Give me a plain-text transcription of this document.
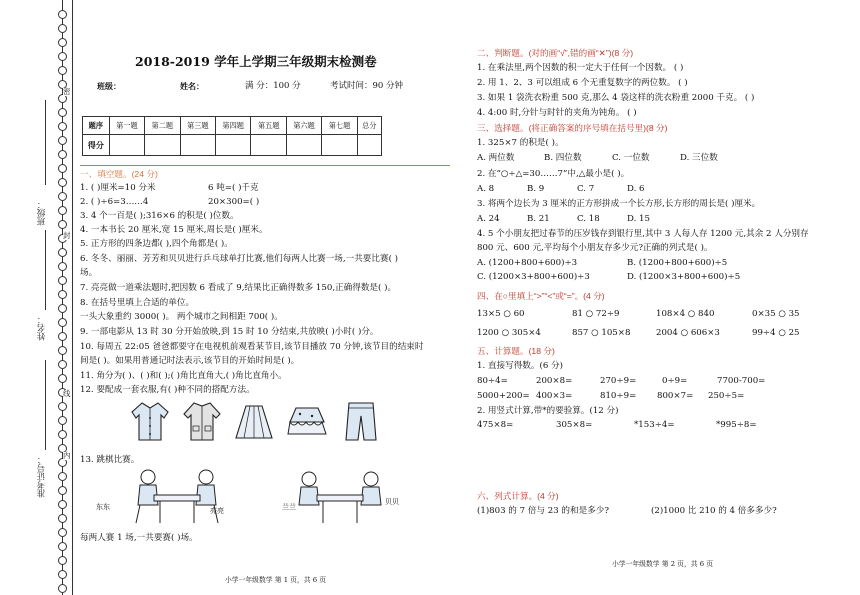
班级：
姓名：
准考证号：
密
封
线
内
2018-2019 学年上学期三年级期末检测卷
班级：	姓名：	满 分：100 分	考试时间：90 分钟
题序	第一题	第二题	第三题	第四题	第五题	第六题	第七题	总分
得分								
一、填空题。(24 分)
1. ( )厘米=10 分米	6 吨=( )千克
2. ( )÷6=3……4	20×300=( )
3. 4 个一百是( );316×6 的积是( )位数。
4. 一本书长 20 厘米,宽 15 厘米,周长是( )厘米。
5. 正方形的四条边都( ),四个角都是( )。
6. 冬冬、丽丽、芳芳和贝贝进行乒乓球单打比赛,他们每两人比赛一场,一共要比赛( )
场。
7. 亮亮做一道乘法题时,把因数 6 看成了 9,结果比正确得数多 150,正确得数是( )。
8. 在括号里填上合适的单位。
一头大象重约 3000( )。 两个城市之间相距 700( )。
9. 一部电影从 13 时 30 分开始放映,到 15 时 10 分结束,共放映( )小时( )分。
10. 每周五 22:05 爸爸都要守在电视机前观看某节目,该节目播放 70 分钟,该节目的结束时
间是( )。如果用普通记时法表示,该节目的开始时间是( )。
11. 角分为( )、( )和( );( )角比直角大,( )角比直角小。
12. 要配成一套衣服,有( )种不同的搭配方法。
13. 跳棋比赛。
东东	亮亮	兰兰
贝贝
每两人赛 1 场,一共要赛( )场。
小学一年级数学 第 1 页，共 6 页
二、判断题。(对的画“√”,错的画“✕”)(8 分)
1. 在乘法里,两个因数的积一定大于任何一个因数。 ( )
2. 用 1、2、3 可以组成 6 个无重复数字的两位数。 ( )
3. 如果 1 袋洗衣粉重 500 克,那么 4 袋这样的洗衣粉重 2000 千克。 ( )
4. 4:00 时,分针与时针的夹角为钝角。 ( )
三、选择题。(将正确答案的序号填在括号里)(8 分)
1. 325×7 的积是( )。
A. 两位数	B. 四位数	C. 一位数	D. 三位数
2. 在“○÷△=30……7”中,△最小是( )。
A. 8	B. 9	C. 7	D. 6
3. 将两个边长为 3 厘米的正方形拼成一个长方形,长方形的周长是( )厘米。
A. 24	B. 21	C. 18	D. 15
4. 5 个小朋友把过春节的压岁钱存到银行里,其中 3 人每人存 1200 元,其余 2 人分别存
800 元、600 元,平均每个小朋友存多少元?正确的列式是( )。
A. (1200+800+600)÷3	B. (1200+800+600)÷5
C. (1200×3+800+600)÷3	D. (1200×3+800+600)÷5
四、在○里填上“>”“<”或“=”。(4 分)
13×5 ○ 60	81 ○ 72÷9	108×4 ○ 840	0×35 ○ 35
1200 ○ 305×4	857 ○ 105×8	2004 ○ 606×3	99÷4 ○ 25
五、计算题。(18 分)
1. 直接写得数。(6 分)
80÷4=	200×8=	270÷9=	0÷9=	7700-700=
5000+200= 400×3=	810÷9= 800×7= 250÷5=
2. 用竖式计算,带*的要验算。(12 分)
475×8=	305×8=	*153÷4=	*995÷8=
六、列式计算。(4 分)
(1)803 的 7 倍与 23 的和是多少?	(2)1000 比 210 的 4 倍多多少?
小学一年级数学 第 2 页，共 6 页
